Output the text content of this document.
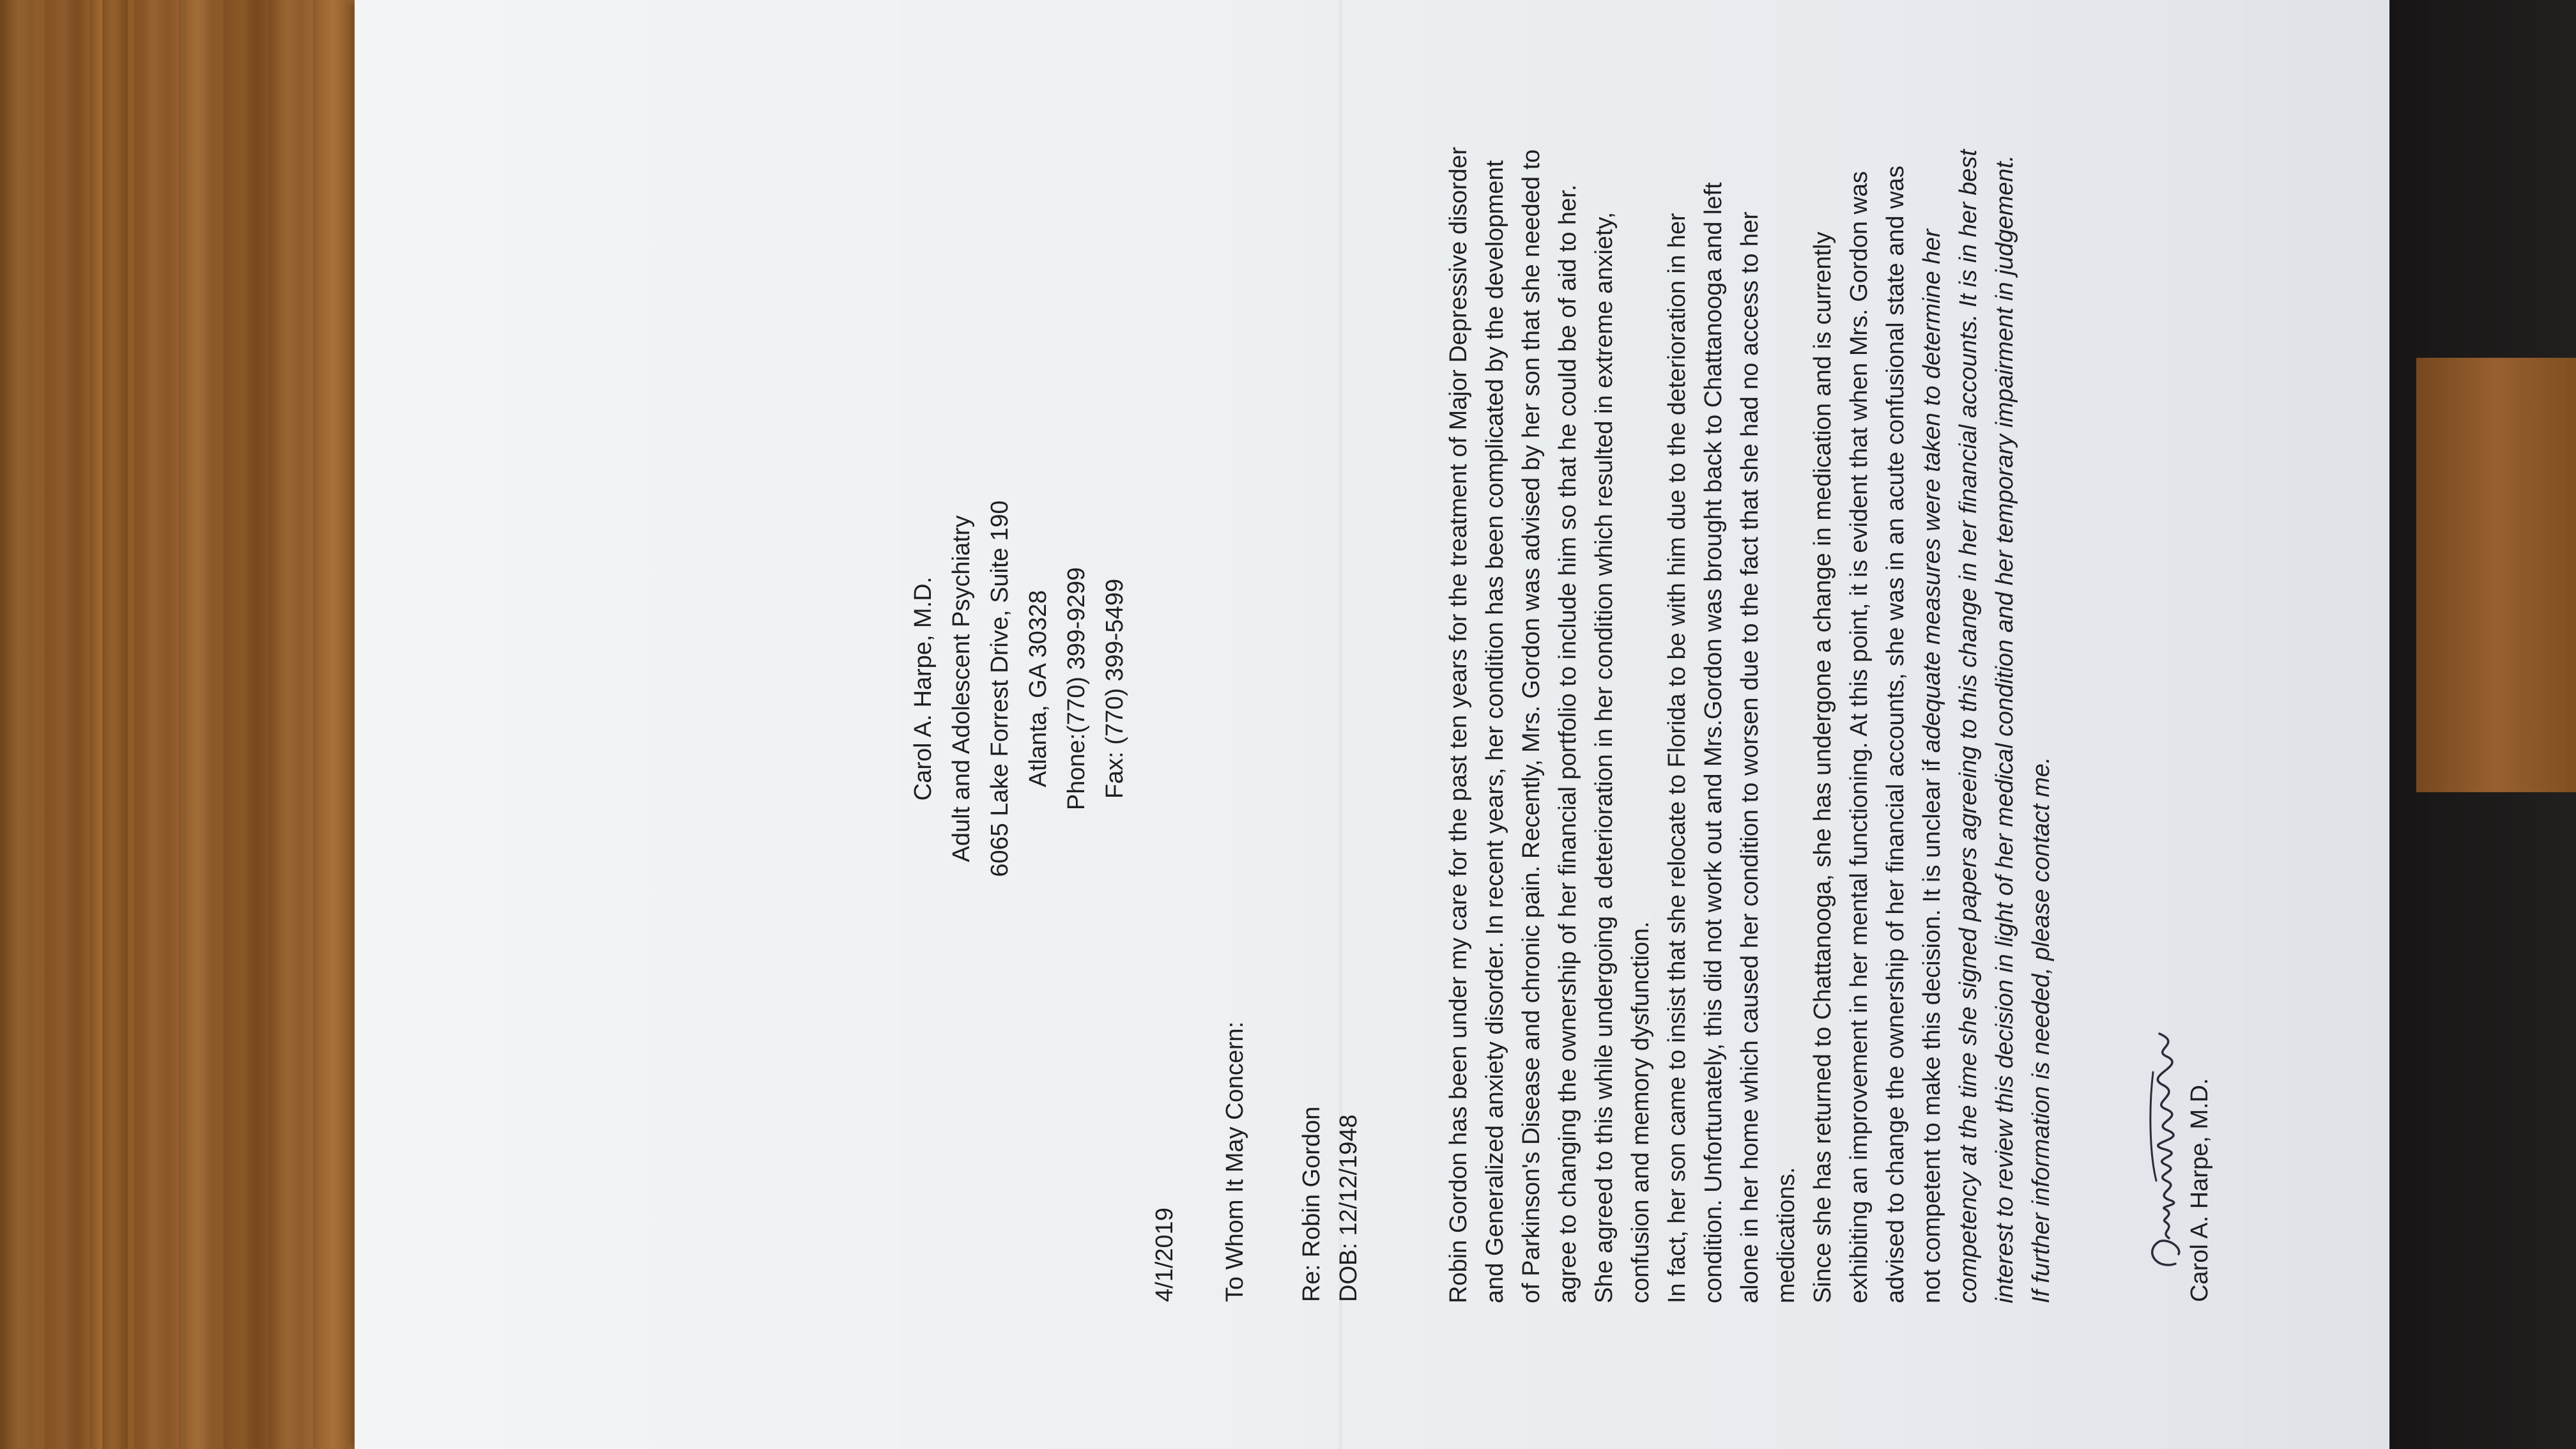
Carol A. Harpe, M.D. Adult and Adolescent Psychiatry 6065 Lake Forrest Drive, Suite 190 Atlanta, GA 30328 Phone:(770) 399-9299 Fax: (770) 399-5499
4/1/2019 To Whom It May Concern: Re: Robin Gordon DOB: 12/12/1948	Robin Gordon has been under my care for the past ten years for the treatment of Major Depressive disorder and Generalized anxiety disorder. In recent years, her condition has been complicated by the development of Parkinson's Disease and chronic pain. Recently, Mrs. Gordon was advised by her son that she needed to agree to changing the ownership of her financial portfolio to include him so that he could be of aid to her. She agreed to this while undergoing a deterioration in her condition which resulted in extreme anxiety, confusion and memory dysfunction. In fact, her son came to insist that she relocate to Florida to be with him due to the deterioration in her condition. Unfortunately, this did not work out and Mrs.Gordon was brought back to Chattanooga and left alone in her home which caused her condition to worsen due to the fact that she had no access to her medications. Since she has returned to Chattanooga, she has undergone a change in medication and is currently exhibiting an improvement in her mental functioning. At this point, it is evident that when Mrs. Gordon was advised to change the ownership of her financial accounts, she was in an acute confusional state and was not competent to make this decision. It is unclear if adequate measures were taken to determine her competency at the time she signed papers agreeing to this change in her financial accounts. It is in her best interest to review this decision in light of her medical condition and her temporary impairment in judgement. If further information is needed, please contact me.	Carol A. Harpe, M.D.
